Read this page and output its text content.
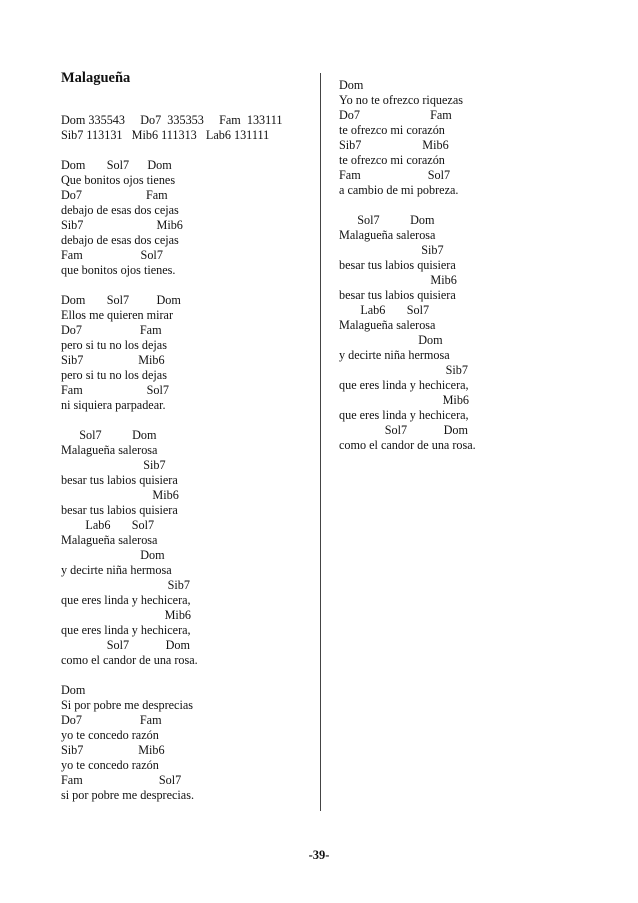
Malagueña
Dom 335543     Do7  335353     Fam  133111
Sib7 113131   Mib6 111313   Lab6 131111
Dom       Sol7      Dom
Que bonitos ojos tienes
Do7                     Fam
debajo de esas dos cejas
Sib7                        Mib6
debajo de esas dos cejas
Fam                   Sol7
que bonitos ojos tienes.
Dom       Sol7         Dom
Ellos me quieren mirar
Do7                   Fam
pero si tu no los dejas
Sib7                  Mib6
pero si tu no los dejas
Fam                     Sol7
ni siquiera parpadear.
Sol7          Dom
Malagueña salerosa
Sib7
besar tus labios quisiera
Mib6
besar tus labios quisiera
Lab6       Sol7
Malagueña salerosa
Dom
y decirte niña hermosa
Sib7
que eres linda y hechicera,
Mib6
que eres linda y hechicera,
Sol7            Dom
como el candor de una rosa.
Dom
Si por pobre me desprecias
Do7                   Fam
yo te concedo razón
Sib7                  Mib6
yo te concedo razón
Fam                         Sol7
si por pobre me desprecias.
Dom
Yo no te ofrezco riquezas
Do7                       Fam
te ofrezco mi corazón
Sib7                    Mib6
te ofrezco mi corazón
Fam                      Sol7
a cambio de mi pobreza.
Sol7          Dom
Malagueña salerosa
Sib7
besar tus labios quisiera
Mib6
besar tus labios quisiera
Lab6       Sol7
Malagueña salerosa
Dom
y decirte niña hermosa
Sib7
que eres linda y hechicera,
Mib6
que eres linda y hechicera,
Sol7            Dom
como el candor de una rosa.
-39-
